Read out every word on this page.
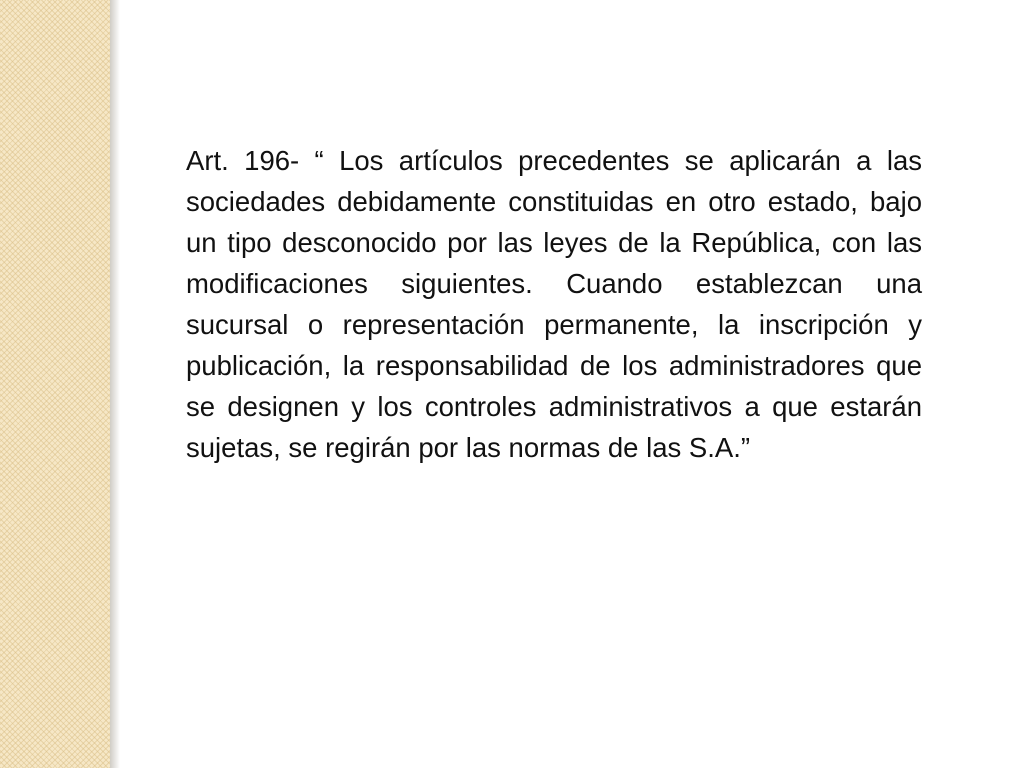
Art. 196- “ Los artículos precedentes se aplicarán a las sociedades debidamente constituidas en otro estado, bajo un tipo desconocido por las leyes de la República, con las modificaciones siguientes. Cuando establezcan una sucursal o representación permanente, la inscripción y publicación, la responsabilidad de los administradores que se designen y los controles administrativos a que estarán sujetas, se regirán por las normas de las S.A.”
